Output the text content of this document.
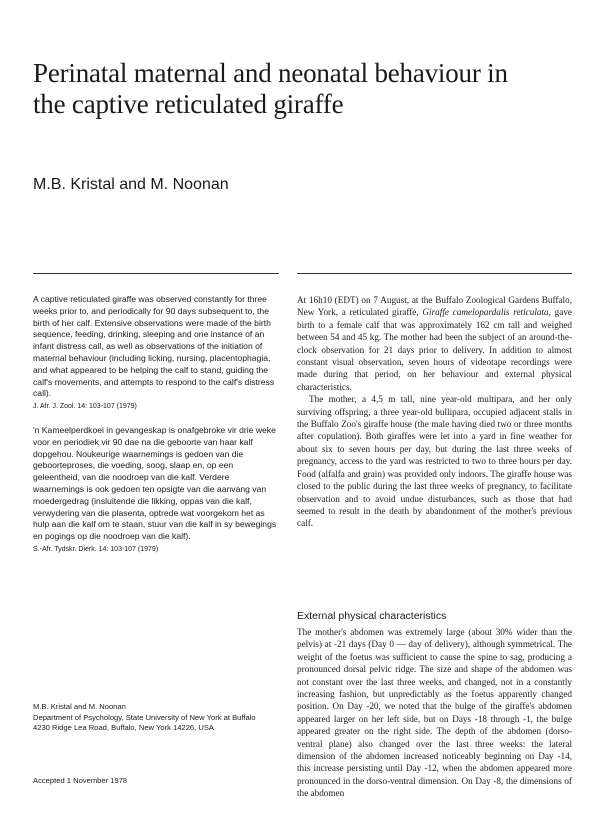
Perinatal maternal and neonatal behaviour in
the captive reticulated giraffe

M.B. Kristal and M. Noonan

A captive reticulated giraffe was observed constantly for three weeks prior to, and periodically for 90 days subsequent to, the birth of her calf. Extensive observations were made of the birth sequence, feeding, drinking, sleeping and one instance of an infant distress call, as well as observations of the initiation of maternal behaviour (including licking, nursing, placentophagia, and what appeared to be helping the calf to stand, guiding the calf's movements, and attempts to respond to the calf's distress call).

J. Afr. J. Zool. 14: 103-107 (1979)

'n Kameelperdkoei in gevangeskap is onafgebroke vir drie weke voor en periodiek vir 90 dae na die geboorte van haar kalf dopgehou. Noukeurige waarnemings is gedoen van die geboorteproses, die voeding, soog, slaap en, op een geleentheid, van die noodroep van die kalf. Verdere waarnemings is ook gedoen ten opsigte van die aanvang van moedergedrag (insluitende die likking, oppas van die kalf, verwydering van die plasenta, optrede wat voorgekom het as hulp aan die kalf om te staan, stuur van die kalf in sy bewegings en pogings op die noodroep van die kalf).

S.-Afr. Tydskr. Dierk. 14: 103-107 (1979)

At 16h10 (EDT) on 7 August, at the Buffalo Zoological Gardens Buffalo, New York, a reticulated giraffe, Giraffe camelopardalis reticulata, gave birth to a female calf that was approximately 162 cm tall and weighed between 54 and 45 kg. The mother had been the subject of an around-the-clock observation for 21 days prior to delivery. In addition to almost constant visual observation, seven hours of videotape recordings were made during that period, on her behaviour and external physical characteristics.

The mother, a 4,5 m tall, nine year-old multipara, and her only surviving offspring, a three year-old bullipara, occupied adjacent stalls in the Buffalo Zoo's giraffe house (the male having died two or three months after copulation). Both giraffes were let into a yard in fine weather for about six to seven hours per day, but during the last three weeks of pregnancy, access to the yard was restricted to two to three hours per day. Food (alfalfa and grain) was provided only indoors. The giraffe house was closed to the public during the last three weeks of pregnancy, to facilitate observation and to avoid undue disturbances, such as those that had seemed to result in the death by abandonment of the mother's previous calf.

External physical characteristics

The mother's abdomen was extremely large (about 30% wider than the pelvis) at -21 days (Day 0 — day of delivery), although symmetrical. The weight of the foetus was sufficient to cause the spine to sag, producing a pronounced dorsal pelvic ridge. The size and shape of the abdomen was not constant over the last three weeks, and changed, not in a constantly increasing fashion, but unpredictably as the foetus apparently changed position. On Day -20, we noted that the bulge of the giraffe's abdomen appeared larger on her left side, but on Days -18 through -1, the bulge appeared greater on the right side. The depth of the abdomen (dorso-ventral plane) also changed over the last three weeks: the lateral dimension of the abdomen increased noticeably beginning on Day -14, this increase persisting until Day -12, when the abdomen appeared more pronounced in the dorso-ventral dimension. On Day -8, the dimensions of the abdomen

M.B. Kristal and M. Noonan

Department of Psychology, State University of New York at Buffalo

4230 Ridge Lea Road, Buffalo, New York 14226, USA

Accepted 1 November 1978
